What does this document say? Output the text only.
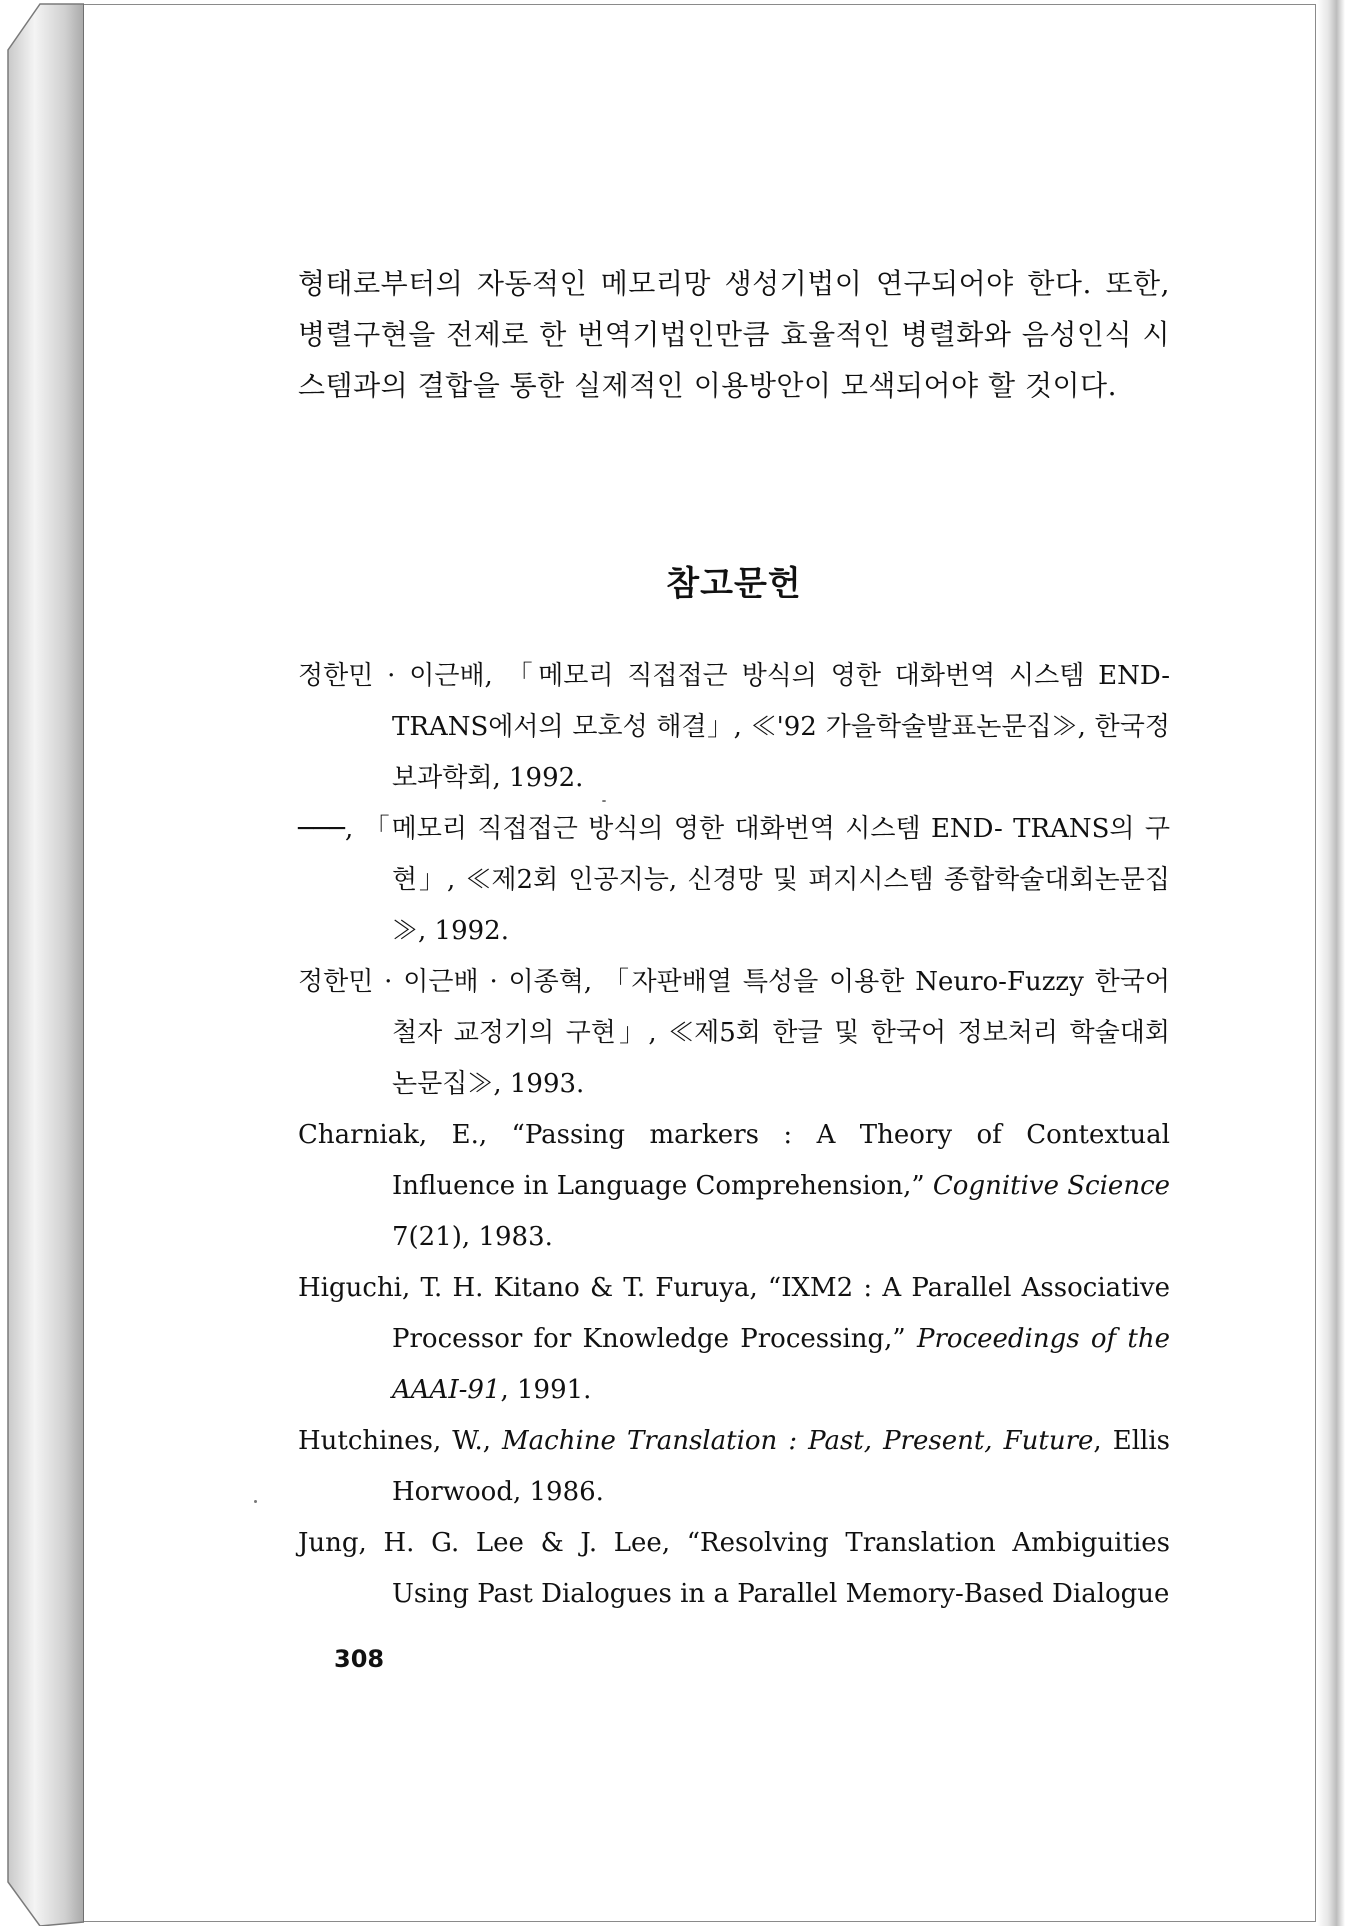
형태로부터의 자동적인 메모리망 생성기법이 연구되어야 한다. 또한, 병렬구현을 전제로 한 번역기법인만큼 효율적인 병렬화와 음성인식 시스템과의 결합을 통한 실제적인 이용방안이 모색되어야 할 것이다.
참고문헌

정한민 · 이근배, 「메모리 직접접근 방식의 영한 대화번역 시스템 END-TRANS에서의 모호성 해결」, ≪'92 가을학술발표논문집≫, 한국정보과학회, 1992.

───, 「메모리 직접접근 방식의 영한 대화번역 시스템 END- TRANS의 구현」, ≪제2회 인공지능, 신경망 및 퍼지시스템 종합학술대회논문집≫, 1992.

정한민 · 이근배 · 이종혁, 「자판배열 특성을 이용한 Neuro-Fuzzy 한국어 철자 교정기의 구현」, ≪제5회 한글 및 한국어 정보처리 학술대회 논문집≫, 1993.

Charniak, E., “Passing markers : A Theory of Contextual Influence in Language Comprehension,” Cognitive Science 7(21), 1983.

Higuchi, T. H. Kitano & T. Furuya, “IXM2 : A Parallel Associative Processor for Knowledge Processing,” Proceedings of the AAAI-91, 1991.

Hutchines, W., Machine Translation : Past, Present, Future, Ellis Horwood, 1986.

Jung, H. G. Lee & J. Lee, “Resolving Translation Ambiguities Using Past Dialogues in a Parallel Memory-Based Dialogue

308
